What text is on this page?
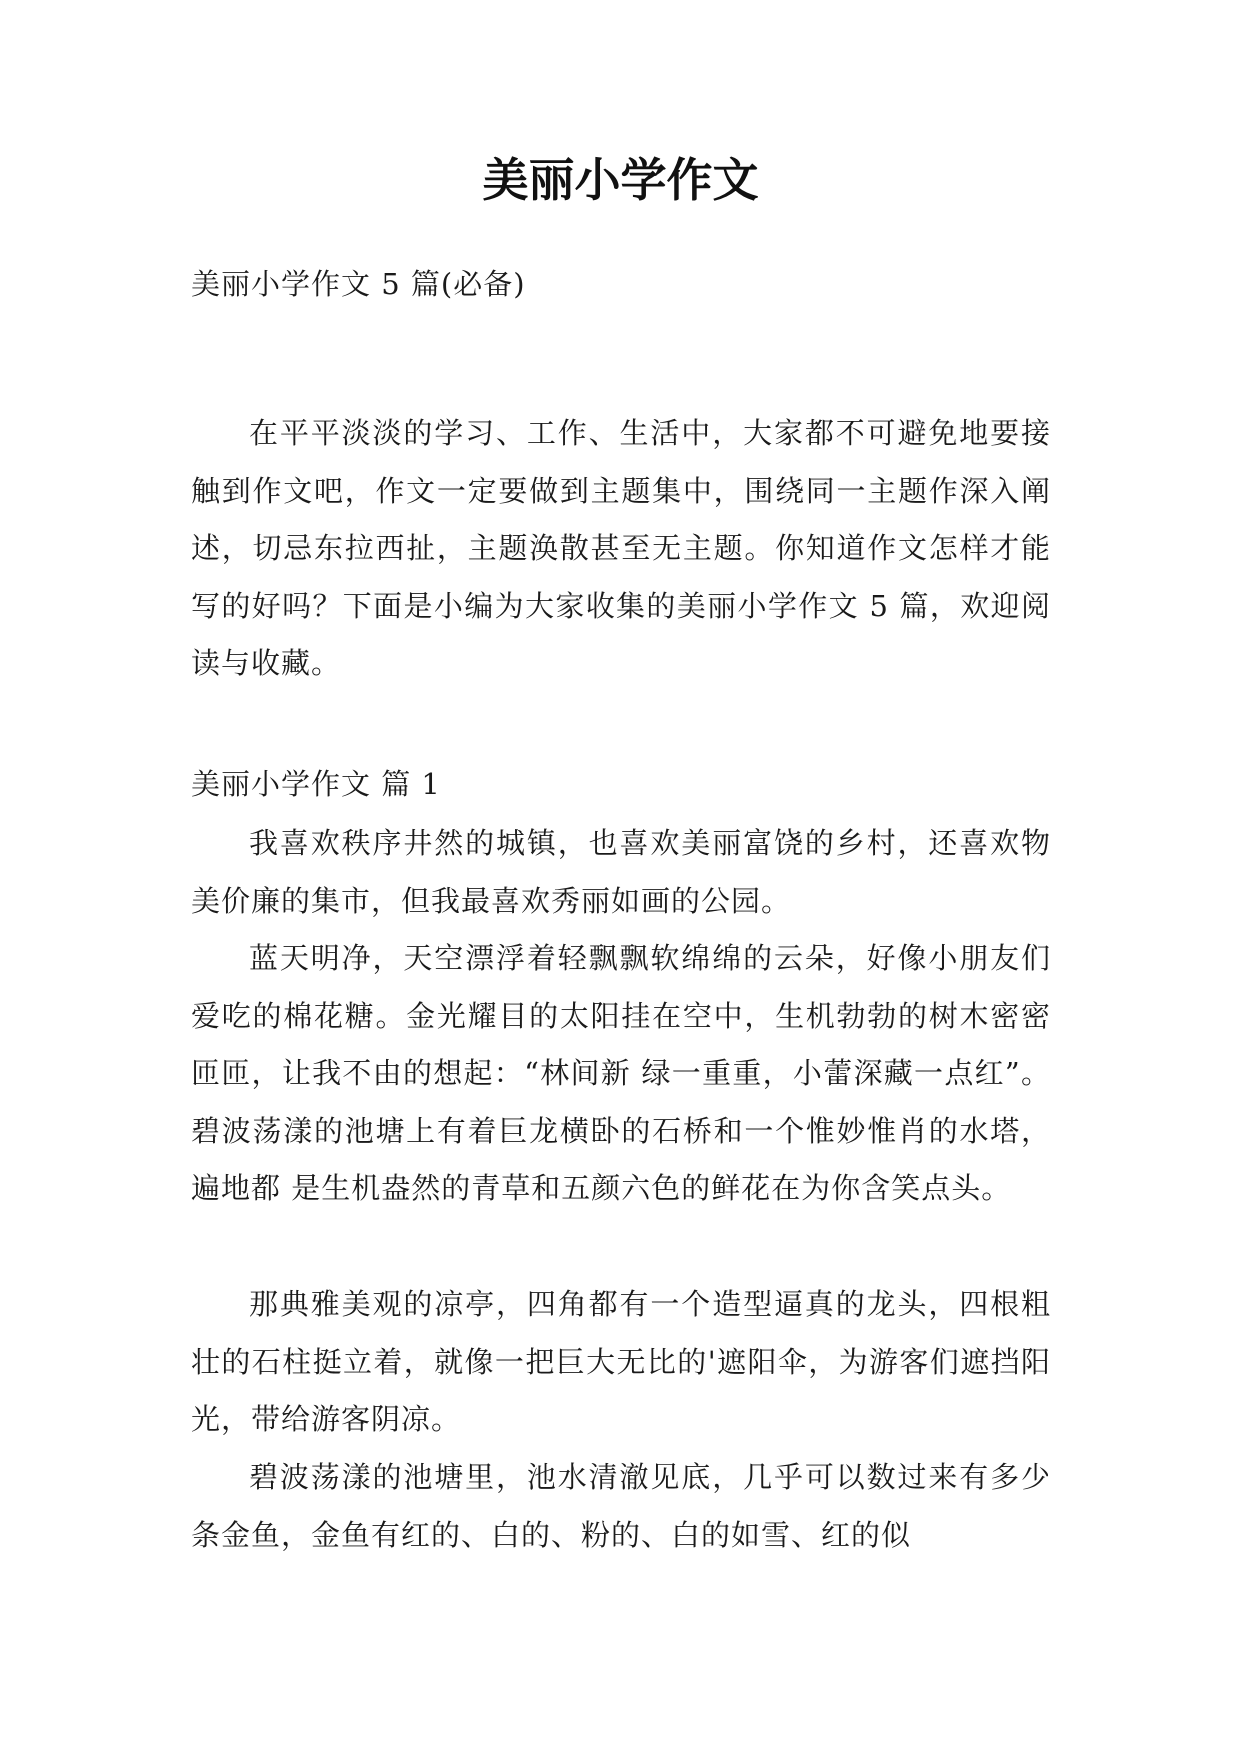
美丽小学作文

美丽小学作文 5 篇(必备)

在平平淡淡的学习、工作、生活中，大家都不可避免地要接触到作文吧，作文一定要做到主题集中，围绕同一主题作深入阐述，切忌东拉西扯，主题涣散甚至无主题。你知道作文怎样才能写的好吗？下面是小编为大家收集的美丽小学作文 5 篇，欢迎阅读与收藏。

美丽小学作文 篇 1

我喜欢秩序井然的城镇，也喜欢美丽富饶的乡村，还喜欢物美价廉的集市，但我最喜欢秀丽如画的公园。

蓝天明净，天空漂浮着轻飘飘软绵绵的云朵，好像小朋友们爱吃的棉花糖。金光耀目的太阳挂在空中，生机勃勃的树木密密匝匝，让我不由的想起：“林间新 绿一重重，小蕾深藏一点红”。碧波荡漾的池塘上有着巨龙横卧的石桥和一个惟妙惟肖的水塔，遍地都 是生机盎然的青草和五颜六色的鲜花在为你含笑点头。

那典雅美观的凉亭，四角都有一个造型逼真的龙头，四根粗壮的石柱挺立着，就像一把巨大无比的'遮阳伞，为游客们遮挡阳光，带给游客阴凉。

碧波荡漾的池塘里，池水清澈见底，几乎可以数过来有多少条金鱼，金鱼有红的、白的、粉的、白的如雪、红的似
